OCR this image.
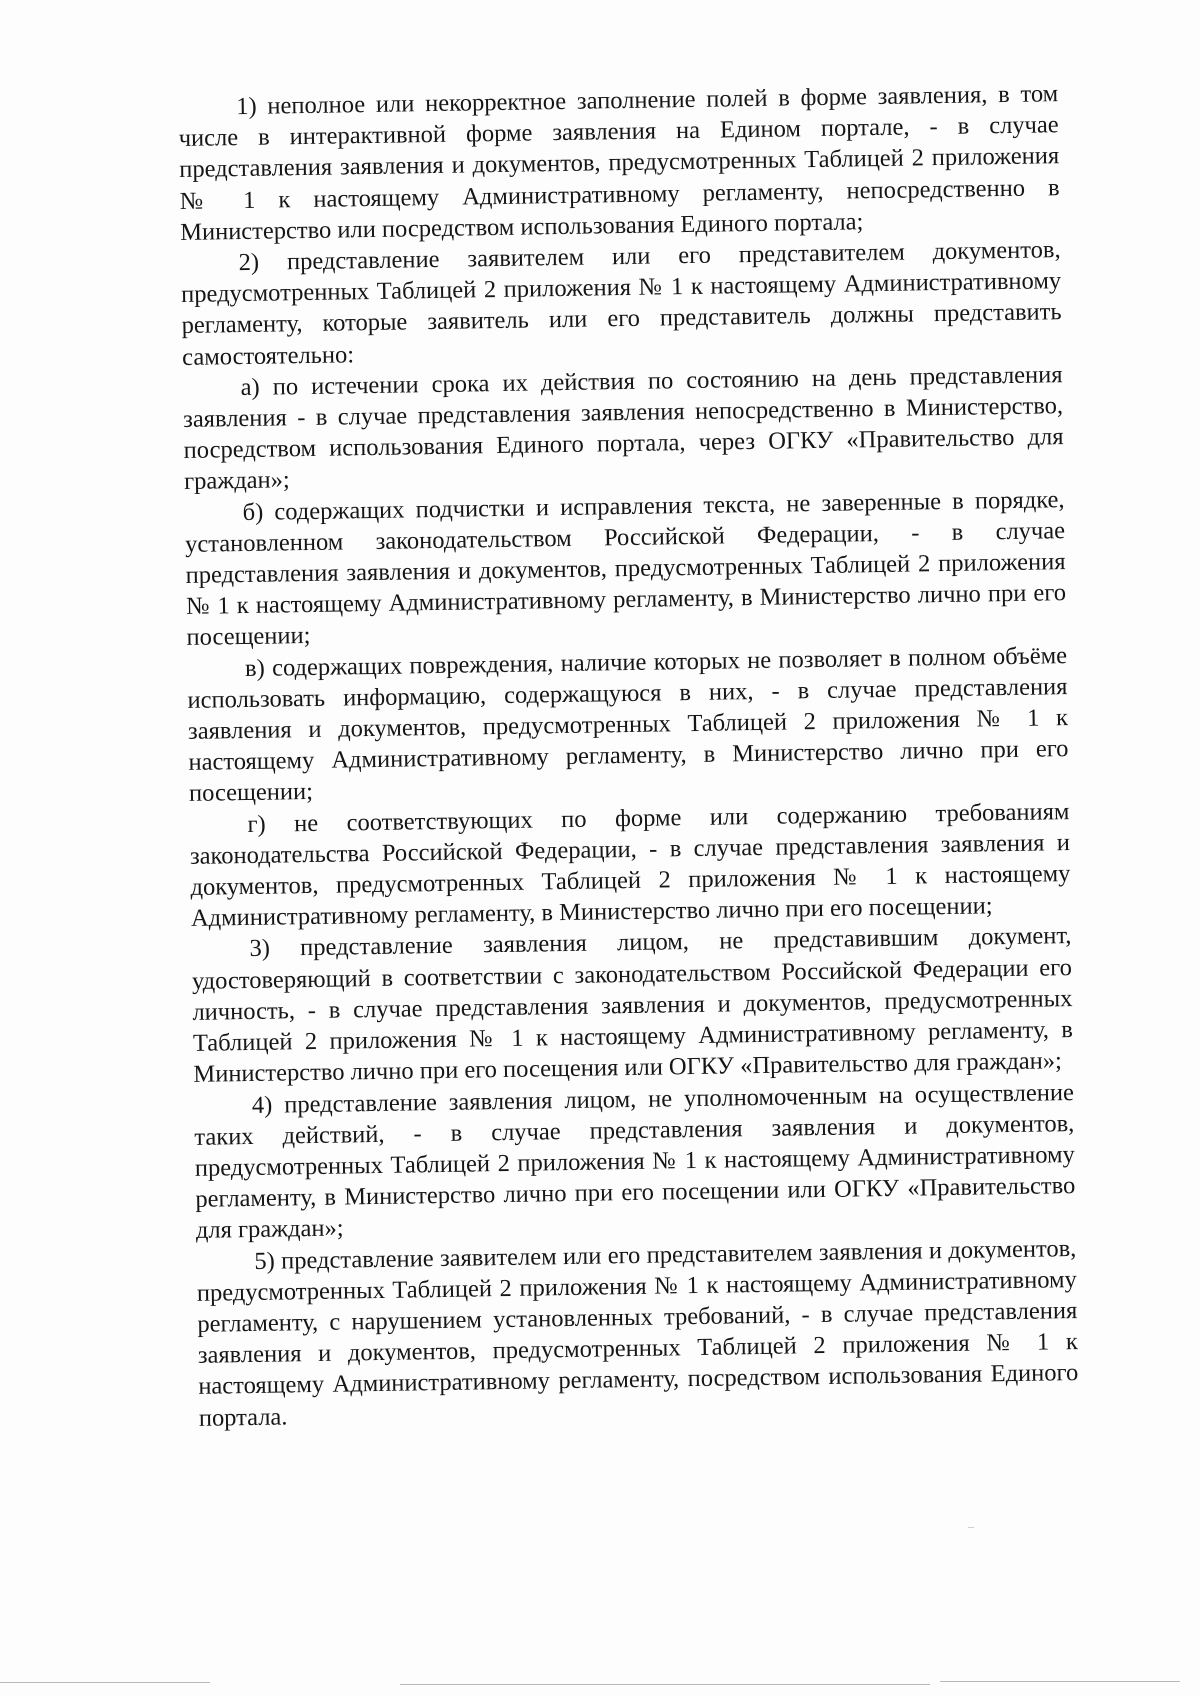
1) неполное или некорректное заполнение полей в форме заявления, в том числе в интерактивной форме заявления на Едином портале, - в случае представления заявления и документов, предусмотренных Таблицей 2 приложения № 1 к настоящему Административному регламенту, непосредственно в Министерство или посредством использования Единого портала;

2) представление заявителем или его представителем документов, предусмотренных Таблицей 2 приложения № 1 к настоящему Административному регламенту, которые заявитель или его представитель должны представить самостоятельно:

а) по истечении срока их действия по состоянию на день представления заявления - в случае представления заявления непосредственно в Министерство, посредством использования Единого портала, через ОГКУ «Правительство для граждан»;

б) содержащих подчистки и исправления текста, не заверенные в порядке, установленном законодательством Российской Федерации, - в случае представления заявления и документов, предусмотренных Таблицей 2 приложения № 1 к настоящему Административному регламенту, в Министерство лично при его посещении;

в) содержащих повреждения, наличие которых не позволяет в полном объёме использовать информацию, содержащуюся в них, - в случае представления заявления и документов, предусмотренных Таблицей 2 приложения № 1 к настоящему Административному регламенту, в Министерство лично при его посещении;

г) не соответствующих по форме или содержанию требованиям законодательства Российской Федерации, - в случае представления заявления и документов, предусмотренных Таблицей 2 приложения № 1 к настоящему Административному регламенту, в Министерство лично при его посещении;

3) представление заявления лицом, не представившим документ, удостоверяющий в соответствии с законодательством Российской Федерации его личность, - в случае представления заявления и документов, предусмотренных Таблицей 2 приложения № 1 к настоящему Административному регламенту, в Министерство лично при его посещения или ОГКУ «Правительство для граждан»;

4) представление заявления лицом, не уполномоченным на осуществление таких действий, - в случае представления заявления и документов, предусмотренных Таблицей 2 приложения № 1 к настоящему Административному регламенту, в Министерство лично при его посещении или ОГКУ «Правительство для граждан»;

5) представление заявителем или его представителем заявления и документов, предусмотренных Таблицей 2 приложения № 1 к настоящему Административному регламенту, с нарушением установленных требований, - в случае представления заявления и документов, предусмотренных Таблицей 2 приложения № 1 к настоящему Административному регламенту, посредством использования Единого портала.
